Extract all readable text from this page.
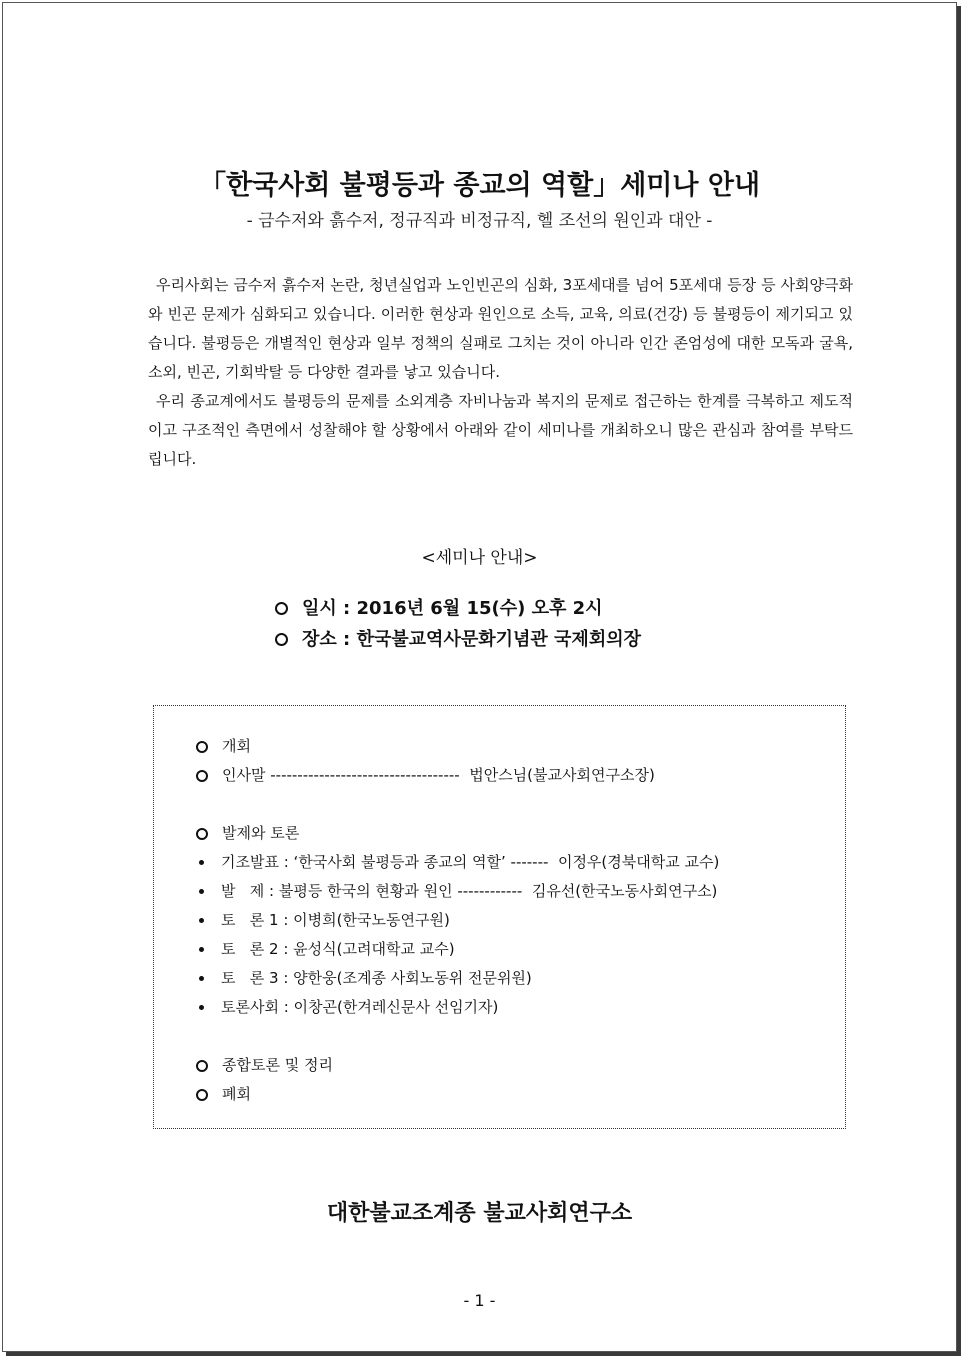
「한국사회 불평등과 종교의 역할」세미나 안내
- 금수저와 흙수저, 정규직과 비정규직, 헬 조선의 원인과 대안 -

우리사회는 금수저 흙수저 논란, 청년실업과 노인빈곤의 심화, 3포세대를 넘어 5포세대 등장 등 사회양극화와 빈곤 문제가 심화되고 있습니다. 이러한 현상과 원인으로 소득, 교육, 의료(건강) 등 불평등이 제기되고 있습니다. 불평등은 개별적인 현상과 일부 정책의 실패로 그치는 것이 아니라 인간 존엄성에 대한 모독과 굴욕, 소외, 빈곤, 기회박탈 등 다양한 결과를 낳고 있습니다.

우리 종교계에서도 불평등의 문제를 소외계층 자비나눔과 복지의 문제로 접근하는 한계를 극복하고 제도적이고 구조적인 측면에서 성찰해야 할 상황에서 아래와 같이 세미나를 개최하오니 많은 관심과 참여를 부탁드립니다.

<세미나 안내>
일시 : 2016년 6월 15(수) 오후 2시
장소 : 한국불교역사문화기념관 국제회의장
개회
인사말 -----------------------------------  법안스님(불교사회연구소장)
발제와 토론
기조발표 : ‘한국사회 불평등과 종교의 역할’ -------  이정우(경북대학교 교수)
발   제 : 불평등 한국의 현황과 원인 ------------  김유선(한국노동사회연구소)
토   론 1 : 이병희(한국노동연구원)
토   론 2 : 윤성식(고려대학교 교수)
토   론 3 : 양한웅(조계종 사회노동위 전문위원)
토론사회 : 이창곤(한겨레신문사 선임기자)
종합토론 및 정리
폐회
대한불교조계종 불교사회연구소
- 1 -
